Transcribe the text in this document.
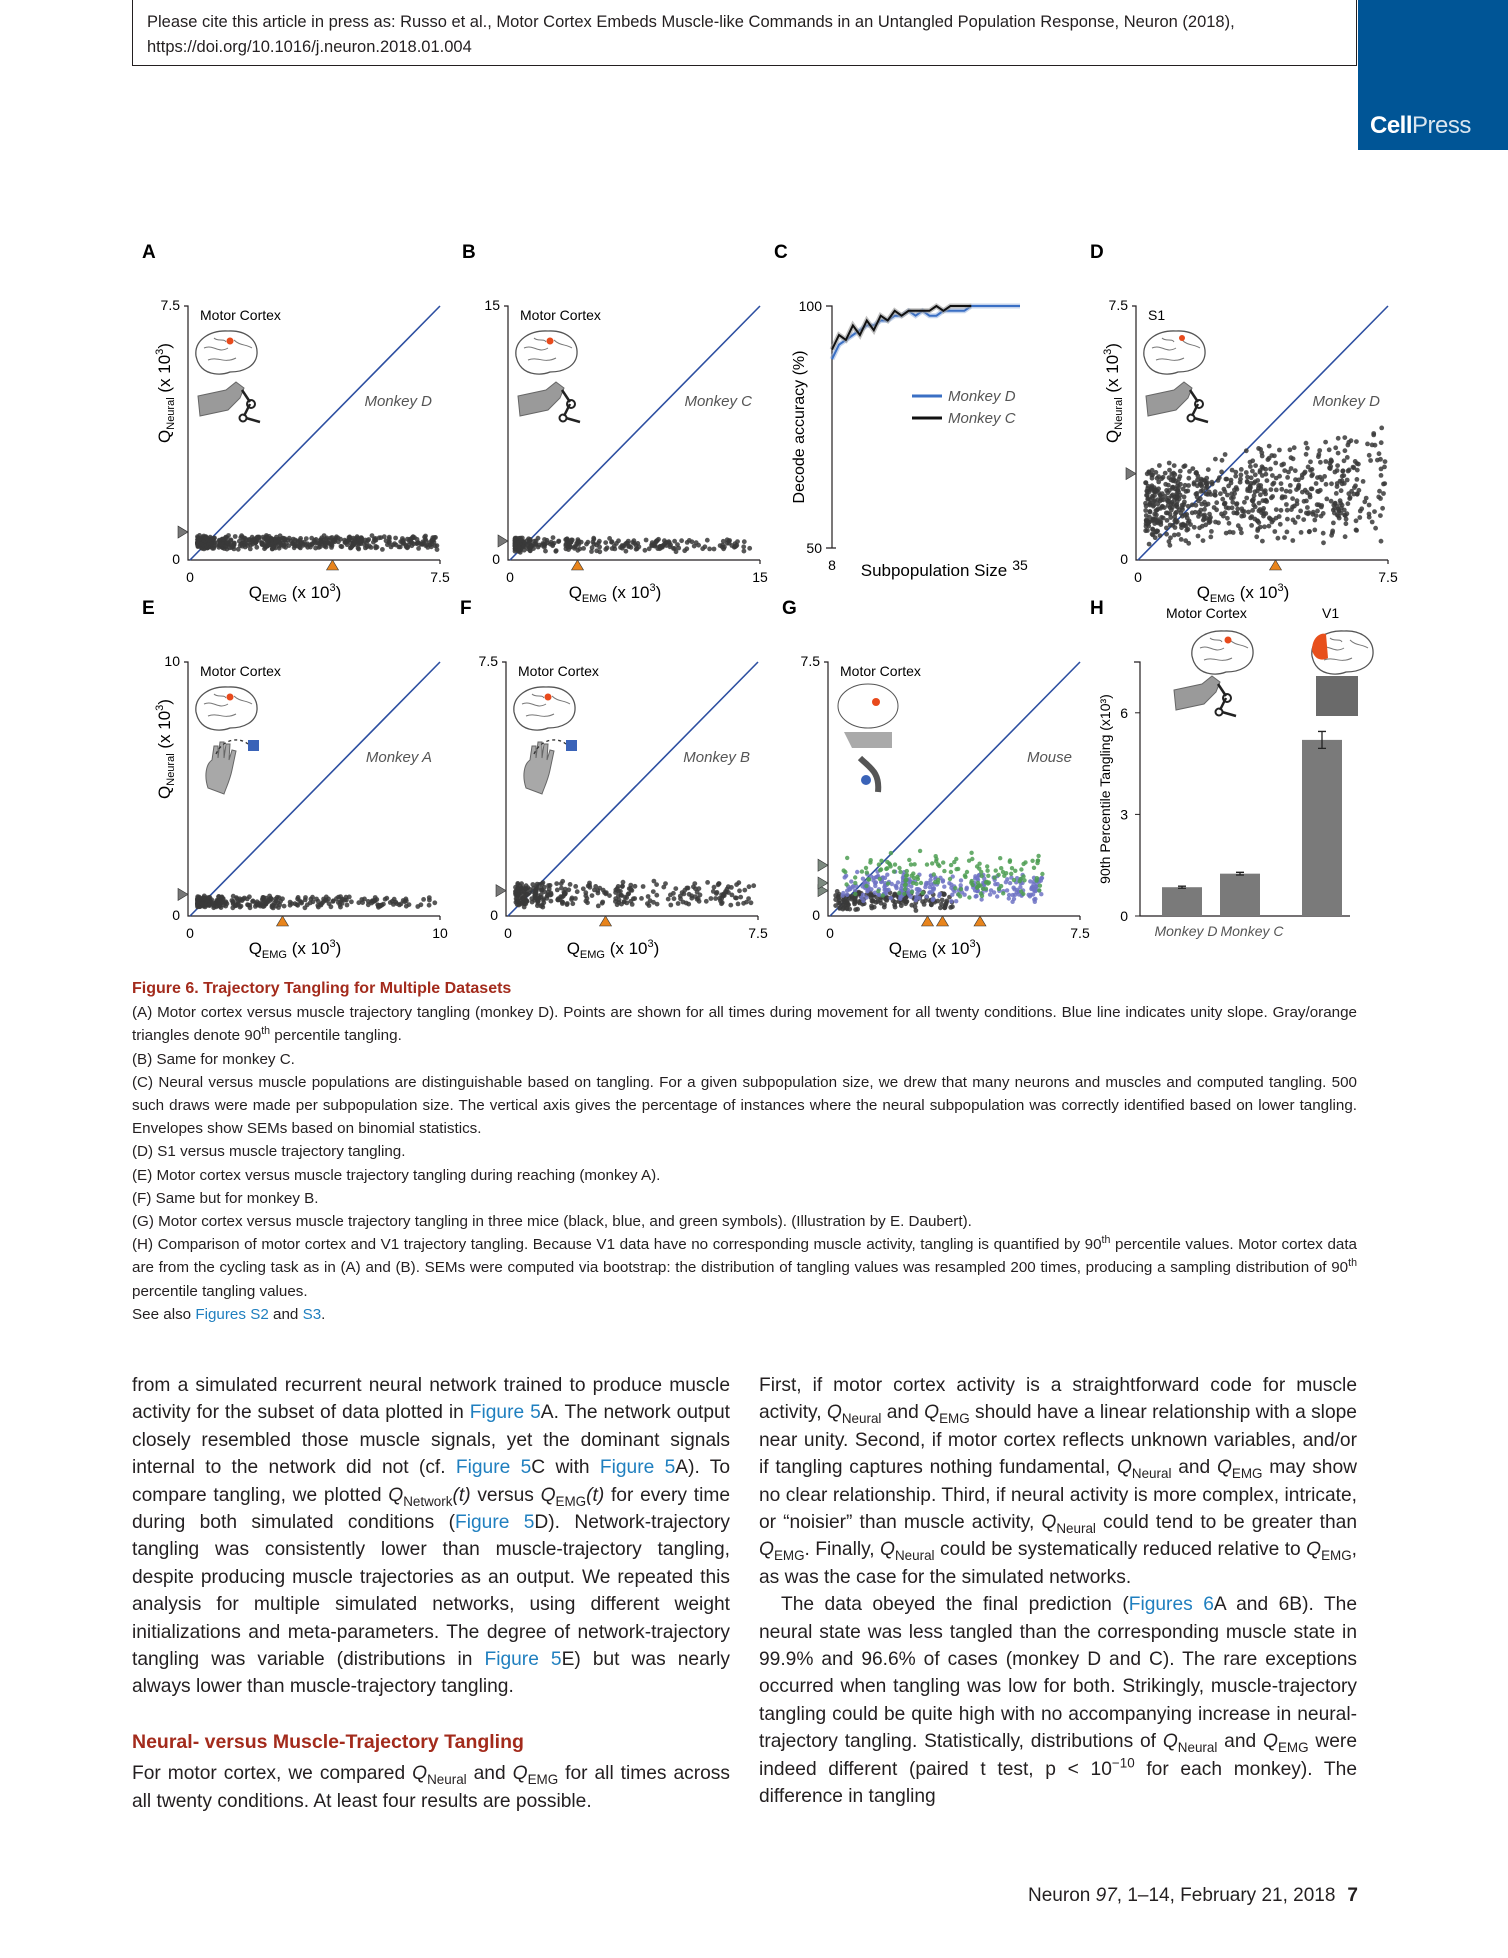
Please cite this article in press as: Russo et al., Motor Cortex Embeds Muscle-like Commands in an Untangled Population Response, Neuron (2018),
https://doi.org/10.1016/j.neuron.2018.01.004
CellPress
A
7.5
0
0	7.5
Motor Cortex
Monkey D
$Q_{EMG}$ (x $10^3$)
$Q_{Neural}$ (x $10^3$)
B
15
0
0	15
Motor Cortex
Monkey C
$Q_{EMG}$ (x $10^3$)
D
7.5
0
0	7.5
S1
Monkey D
$Q_{EMG}$ (x $10^3$)
$Q_{Neural}$ (x $10^3$)
E
10
0
0	10
Motor Cortex
Monkey A
$Q_{EMG}$ (x $10^3$)
$Q_{Neural}$ (x $10^3$)
F
7.5
0
0	7.5
Motor Cortex
Monkey B
$Q_{EMG}$ (x $10^3$)
G
7.5
0
0	7.5
Motor Cortex
Mouse
$Q_{EMG}$ (x $10^3$)
C
100
50
8	35
Subpopulation Size
Decode accuracy (%)	Monkey D
Monkey C
H	Motor Cortex	V1
0
3
6
Monkey D Monkey C
90th Percentile Tangling (x10³)

Figure 6. Trajectory Tangling for Multiple Datasets

(A) Motor cortex versus muscle trajectory tangling (monkey D). Points are shown for all times during movement for all twenty conditions. Blue line indicates unity slope. Gray/orange triangles denote 90th percentile tangling.

(B) Same for monkey C.

(C) Neural versus muscle populations are distinguishable based on tangling. For a given subpopulation size, we drew that many neurons and muscles and computed tangling. 500 such draws were made per subpopulation size. The vertical axis gives the percentage of instances where the neural subpopulation was correctly identified based on lower tangling. Envelopes show SEMs based on binomial statistics.

(D) S1 versus muscle trajectory tangling.

(E) Motor cortex versus muscle trajectory tangling during reaching (monkey A).

(F) Same but for monkey B.

(G) Motor cortex versus muscle trajectory tangling in three mice (black, blue, and green symbols). (Illustration by E. Daubert).

(H) Comparison of motor cortex and V1 trajectory tangling. Because V1 data have no corresponding muscle activity, tangling is quantified by 90th percentile values. Motor cortex data are from the cycling task as in (A) and (B). SEMs were computed via bootstrap: the distribution of tangling values was resampled 200 times, producing a sampling distribution of 90th percentile tangling values.

See also Figures S2 and S3.

from a simulated recurrent neural network trained to produce muscle activity for the subset of data plotted in Figure 5A. The network output closely resembled those muscle signals, yet the dominant signals internal to the network did not (cf. Figure 5C with Figure 5A). To compare tangling, we plotted $Q_{Network}(t)$ versus $Q_{EMG}(t)$ for every time during both simulated conditions (Figure 5D). Network-trajectory tangling was consistently lower than muscle-trajectory tangling, despite producing muscle trajectories as an output. We repeated this analysis for multiple simulated networks, using different weight initializations and meta-parameters. The degree of network-trajectory tangling was variable (distributions in Figure 5E) but was nearly always lower than muscle-trajectory tangling.

Neural- versus Muscle-Trajectory Tangling

For motor cortex, we compared $Q_{Neural}$ and $Q_{EMG}$ for all times across all twenty conditions. At least four results are possible.

First, if motor cortex activity is a straightforward code for muscle activity, $Q_{Neural}$ and $Q_{EMG}$ should have a linear relationship with a slope near unity. Second, if motor cortex reflects unknown variables, and/or if tangling captures nothing fundamental, $Q_{Neural}$ and $Q_{EMG}$ may show no clear relationship. Third, if neural activity is more complex, intricate, or “noisier” than muscle activity, $Q_{Neural}$ could tend to be greater than $Q_{EMG}$. Finally, $Q_{Neural}$ could be systematically reduced relative to $Q_{EMG}$, as was the case for the simulated networks.

The data obeyed the final prediction (Figures 6A and 6B). The neural state was less tangled than the corresponding muscle state in 99.9% and 96.6% of cases (monkey D and C). The rare exceptions occurred when tangling was low for both. Strikingly, muscle-trajectory tangling could be quite high with no accompanying increase in neural-trajectory tangling. Statistically, distributions of $Q_{Neural}$ and $Q_{EMG}$ were indeed different (paired t test, $p < 10^{-10}$ for each monkey). The difference in tangling

Neuron 97, 1–14, February 21, 2018 7
